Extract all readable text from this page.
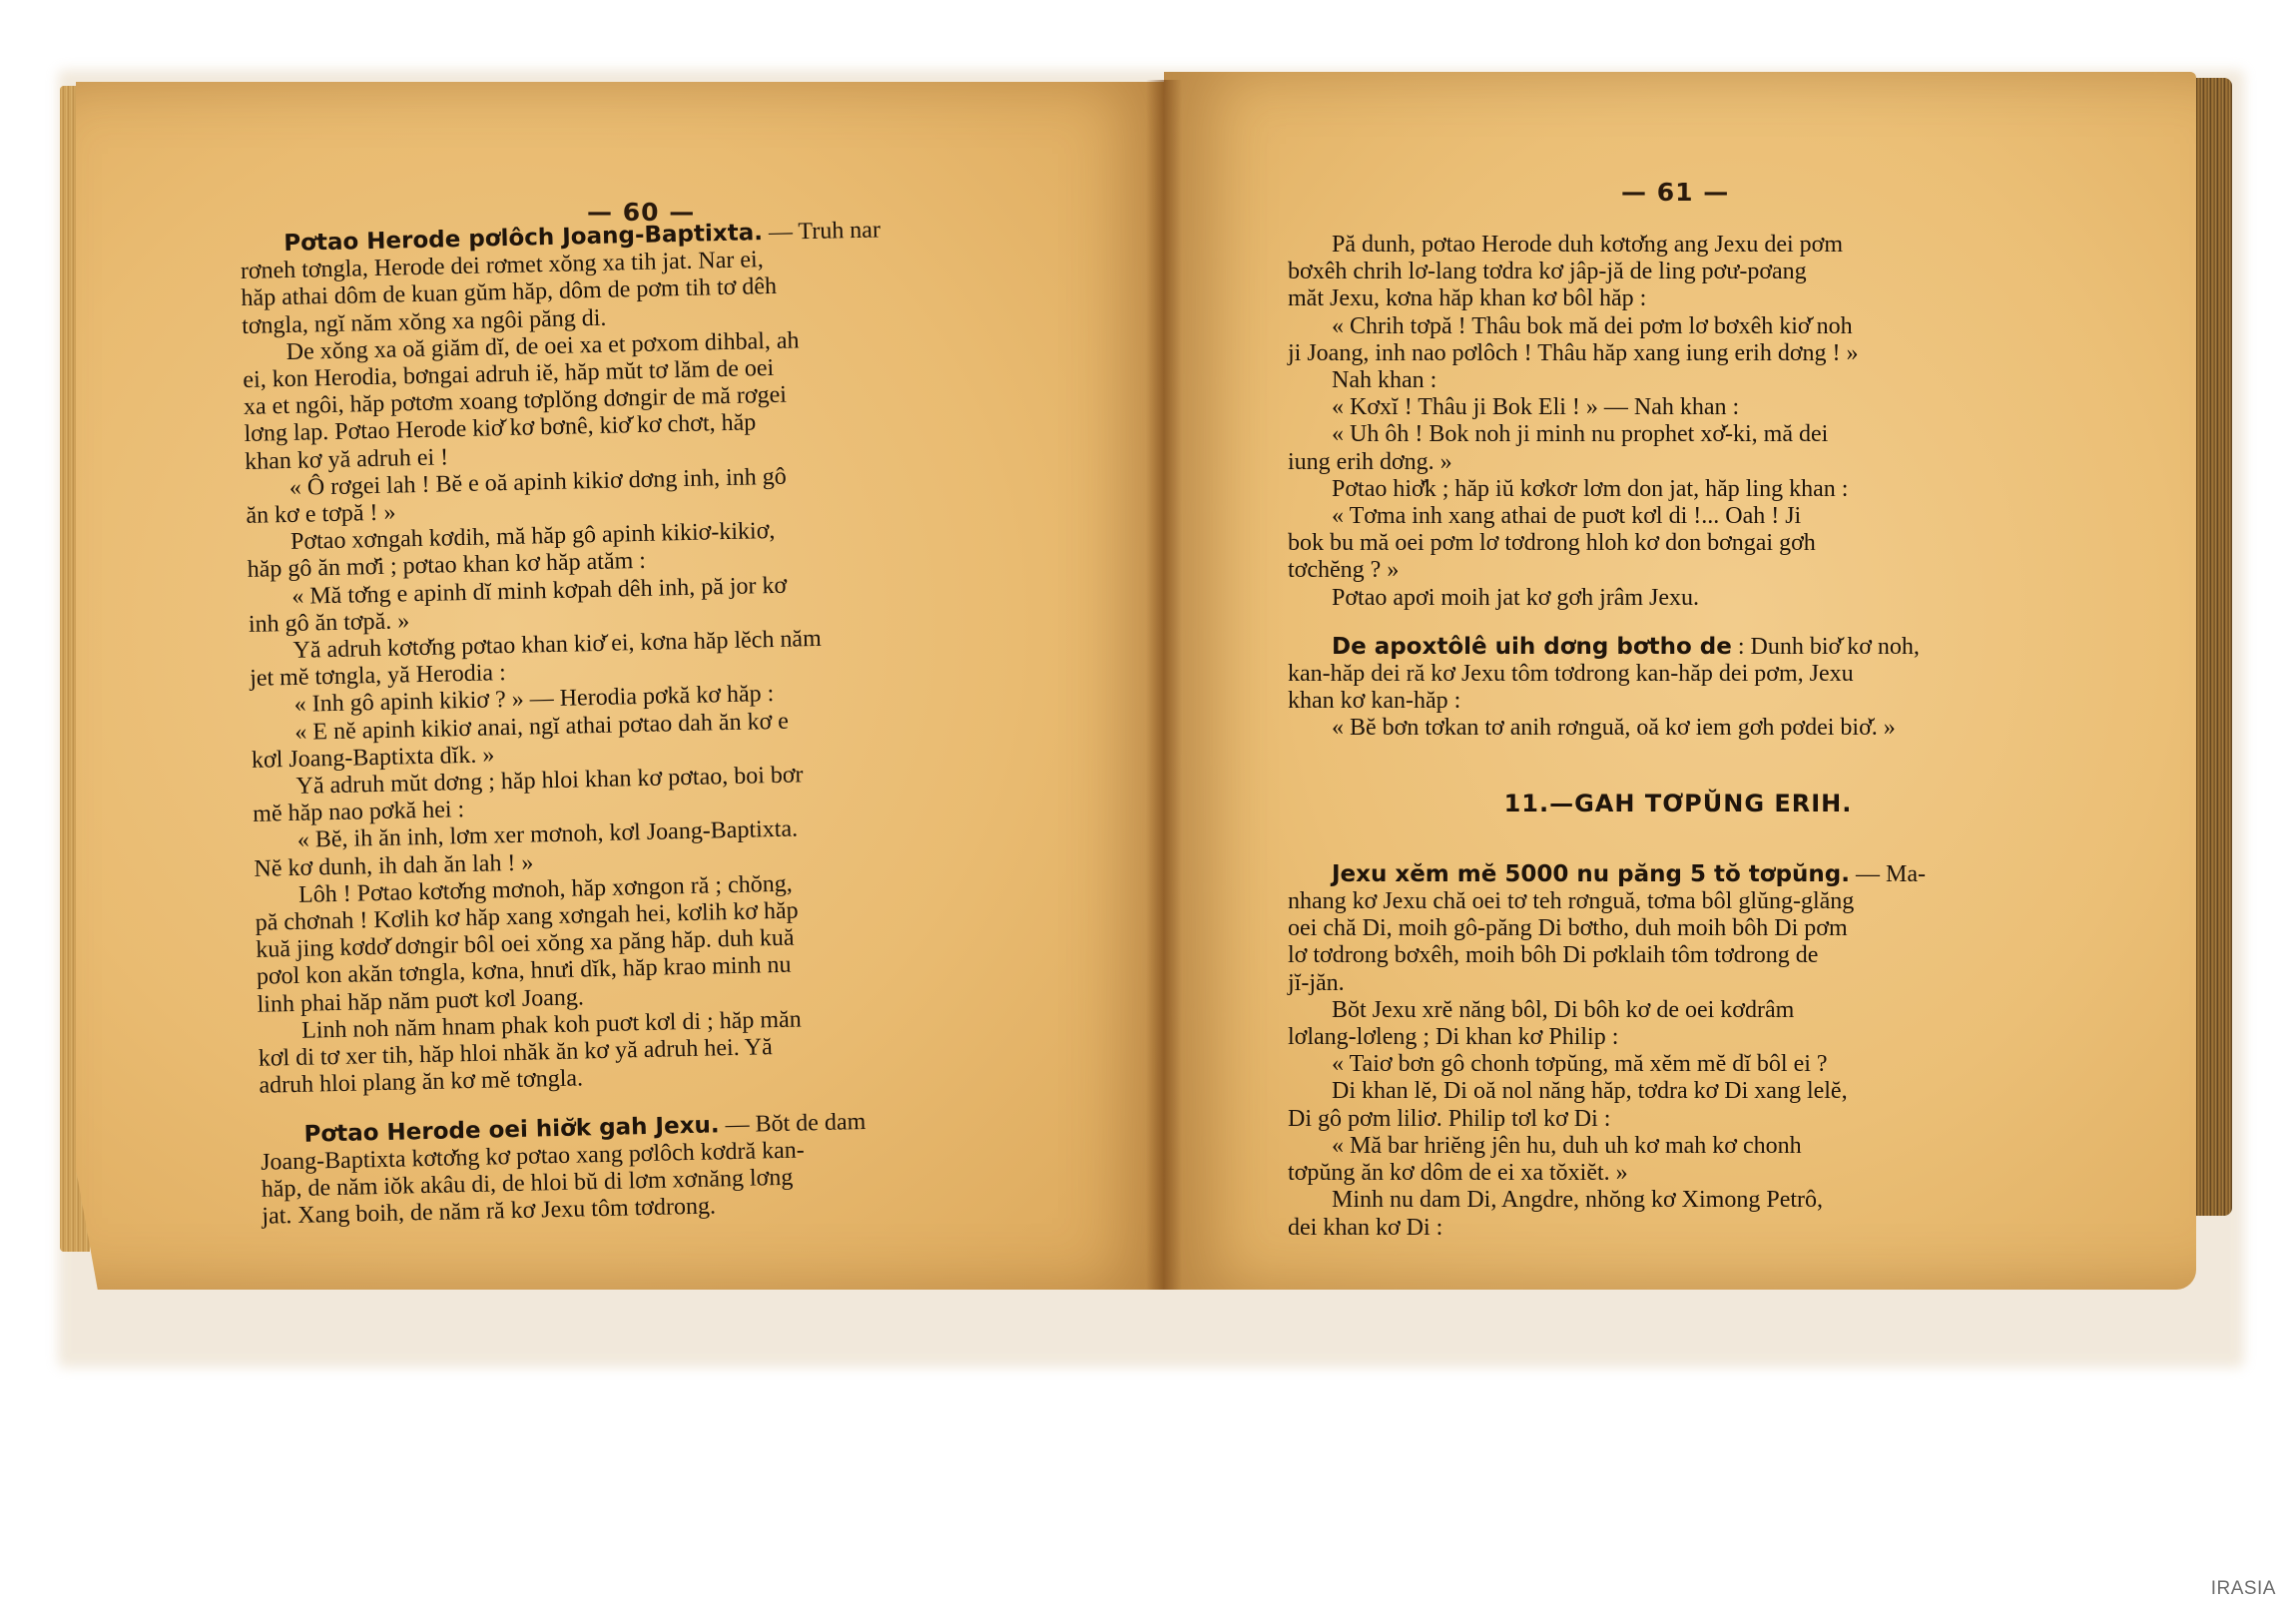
— 60 —
— 61 —
Pơtao Herode pơlôch Joang-Baptixta. — Truh nar
rơneh tơngla, Herode dei rơmet xŏng xa tih jat. Nar ei,
hăp athai dôm de kuan gŭm hăp, dôm de pơm tih tơ dêh
tơngla, ngĭ năm xŏng xa ngôi păng di.
De xŏng xa oă giăm dĭ, de oei xa et pơxom dihbal, ah
ei, kon Herodia, bơngai adruh iĕ, hăp mŭt tơ lăm de oei
xa et ngôi, hăp pơtơm xoang tơplŏng dơngir de mă rơgei
lơng lap. Pơtao Herode kiơ̆ kơ bơnê, kiơ̆ kơ chơt, hăp
khan kơ yă adruh ei !
« Ô rơgei lah ! Bĕ e oă apinh kikiơ dơng inh, inh gô
ăn kơ e tơpă ! »
Pơtao xơngah kơdih, mă hăp gô apinh kikiơ-kikiơ,
hăp gô ăn mơ̆i ; pơtao khan kơ hăp atăm :
« Mă tơ̆ng e apinh dĭ minh kơpah dêh inh, pă jor kơ
inh gô ăn tơpă. »
Yă adruh kơtơ̆ng pơtao khan kiơ̆ ei, kơna hăp lĕch năm
jet mĕ tơngla, yă Herodia :
« Inh gô apinh kikiơ ? » — Herodia pơkă kơ hăp :
« E nĕ apinh kikiơ anai, ngĭ athai pơtao dah ăn kơ e
kơl Joang-Baptixta dĭk. »
Yă adruh mŭt dơng ; hăp hloi khan kơ pơtao, boi bơr
mĕ hăp nao pơkă hei :
« Bĕ, ih ăn inh, lơm xer mơnoh, kơl Joang-Baptixta.
Nĕ kơ dunh, ih dah ăn lah ! »
Lôh ! Pơtao kơtơ̆ng mơnoh, hăp xơngon ră ; chŏng,
pă chơnah ! Kơlih kơ hăp xang xơngah hei, kơlih kơ hăp
kuă jing kơdơ̆ dơngir bôl oei xŏng xa păng hăp. duh kuă
pơol kon akăn tơngla, kơna, hnưi dĭk, hăp krao minh nu
linh phai hăp năm puơt kơl Joang.
Linh noh năm hnam phak koh puơt kơl di ; hăp măn
kơl di tơ xer tih, hăp hloi nhăk ăn kơ yă adruh hei. Yă
adruh hloi plang ăn kơ mĕ tơngla.
Pơtao Herode oei hiơ̆k gah Jexu. — Bŏt de dam
Joang-Baptixta kơtơ̆ng kơ pơtao xang pơlôch kơdră kan-
hăp, de năm iŏk akâu di, de hloi bŭ di lơm xơnăng lơng
jat. Xang boih, de năm ră kơ Jexu tôm tơdrong.
Pă dunh, pơtao Herode duh kơtơ̆ng ang Jexu dei pơm
bơxêh chrih lơ-lang tơdra kơ jâp-jă de ling pơư-pơang
măt Jexu, kơna hăp khan kơ bôl hăp :
« Chrih tơpă ! Thâu bok mă dei pơm lơ bơxêh kiơ̆ noh
ji Joang, inh nao pơlôch ! Thâu hăp xang iung erih dơng ! »
Nah khan :
« Kơxĭ ! Thâu ji Bok Eli ! » — Nah khan :
« Uh ôh ! Bok noh ji minh nu prophet xơ̆-ki, mă dei
iung erih dơng. »
Pơtao hiơ̆k ; hăp iŭ kơkơr lơm don jat, hăp ling khan :
« Tơma inh xang athai de puơt kơl di !... Oah ! Ji
bok bu mă oei pơm lơ tơdrong hloh kơ don bơngai gơh
tơchĕng ? »
Pơtao apơi moih jat kơ gơh jrâm Jexu.
De apoxtôlê uih dơng bơtho de : Dunh biơ̆ kơ noh,
kan-hăp dei ră kơ Jexu tôm tơdrong kan-hăp dei pơm, Jexu
khan kơ kan-hăp :
« Bĕ bơn tơkan tơ anih rơnguă, oă kơ iem gơh pơdei biơ̆. »
11.—GAH TƠPŬNG ERIH.
Jexu xĕm mĕ 5000 nu păng 5 tŏ tơpŭng. — Ma-
nhang kơ Jexu chă oei tơ teh rơnguă, tơma bôl glŭng-glăng
oei chă Di, moih gô-păng Di bơtho, duh moih bôh Di pơm
lơ tơdrong bơxêh, moih bôh Di pơklaih tôm tơdrong de
jĭ-jăn.
Bŏt Jexu xrĕ năng bôl, Di bôh kơ de oei kơdrâm
lơlang-lơleng ; Di khan kơ Philip :
« Taiơ bơn gô chonh tơpŭng, mă xĕm mĕ dĭ bôl ei ?
Di khan lĕ, Di oă nol năng hăp, tơdra kơ Di xang lelĕ,
Di gô pơm liliơ. Philip tơl kơ Di :
« Mă bar hriĕng jên hu, duh uh kơ mah kơ chonh
tơpŭng ăn kơ dôm de ei xa tŏxiĕt. »
Minh nu dam Di, Angdre, nhŏng kơ Ximong Petrô,
dei khan kơ Di :
IRASIA
